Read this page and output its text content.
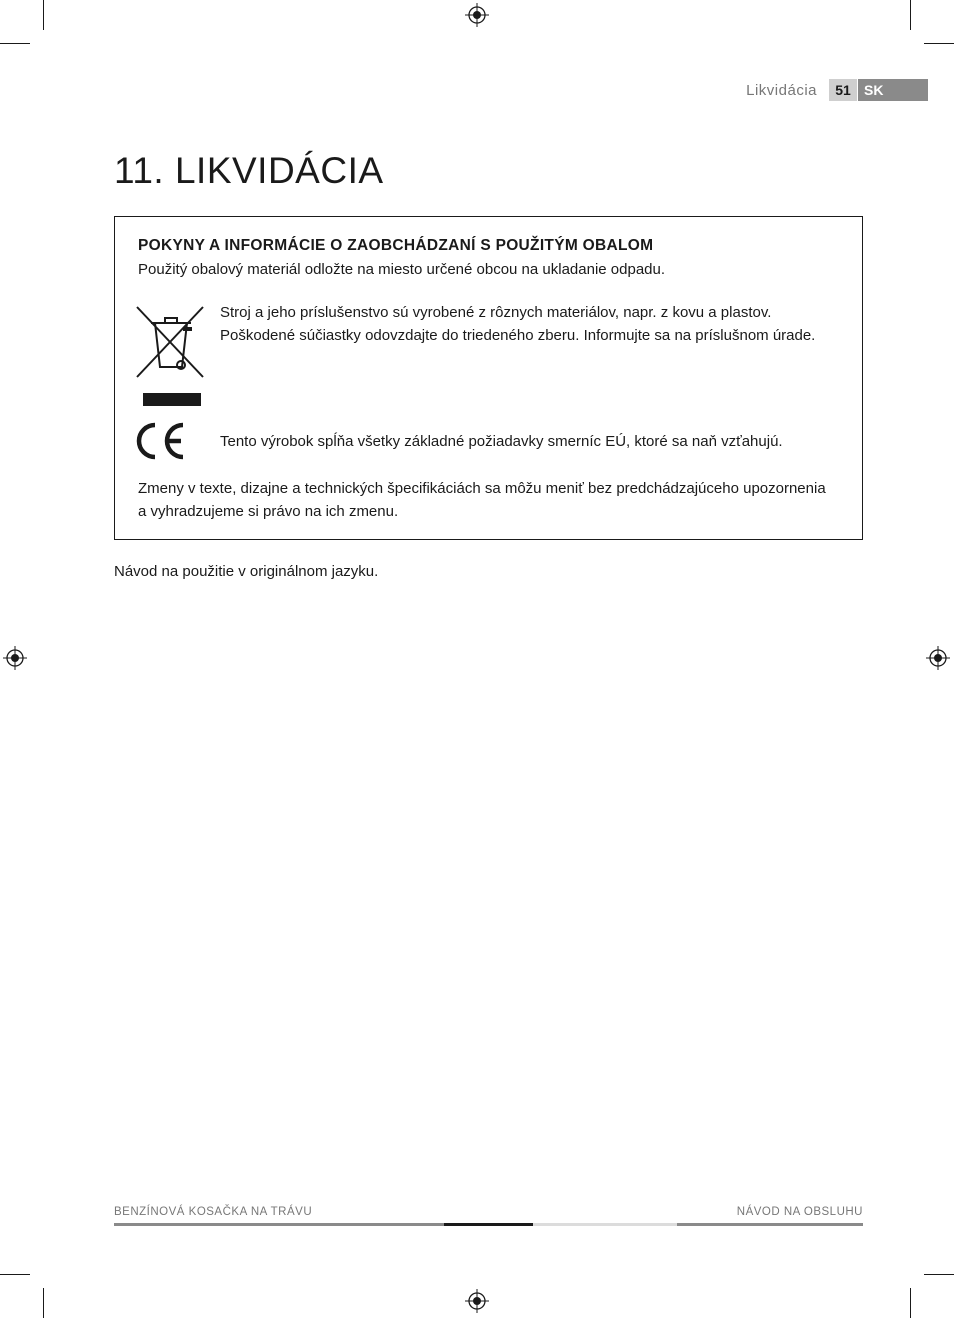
Likvidácia	51 SK
11. LIKVIDÁCIA
POKYNY A INFORMÁCIE O ZAOBCHÁDZANÍ S POUŽITÝM OBALOM
Použitý obalový materiál odložte na miesto určené obcou na ukladanie odpadu.
Stroj a jeho príslušenstvo sú vyrobené z rôznych materiálov, napr. z kovu a plastov.
Poškodené súčiastky odovzdajte do triedeného zberu. Informujte sa na príslušnom úrade.
Tento výrobok spĺňa všetky základné požiadavky smerníc EÚ, ktoré sa naň vzťahujú.
Zmeny v texte, dizajne a technických špecifikáciách sa môžu meniť bez predchádzajúceho upozornenia
a vyhradzujeme si právo na ich zmenu.
Návod na použitie v originálnom jazyku.
BENZÍNOVÁ KOSAČKA NA TRÁVU	NÁVOD NA OBSLUHU
